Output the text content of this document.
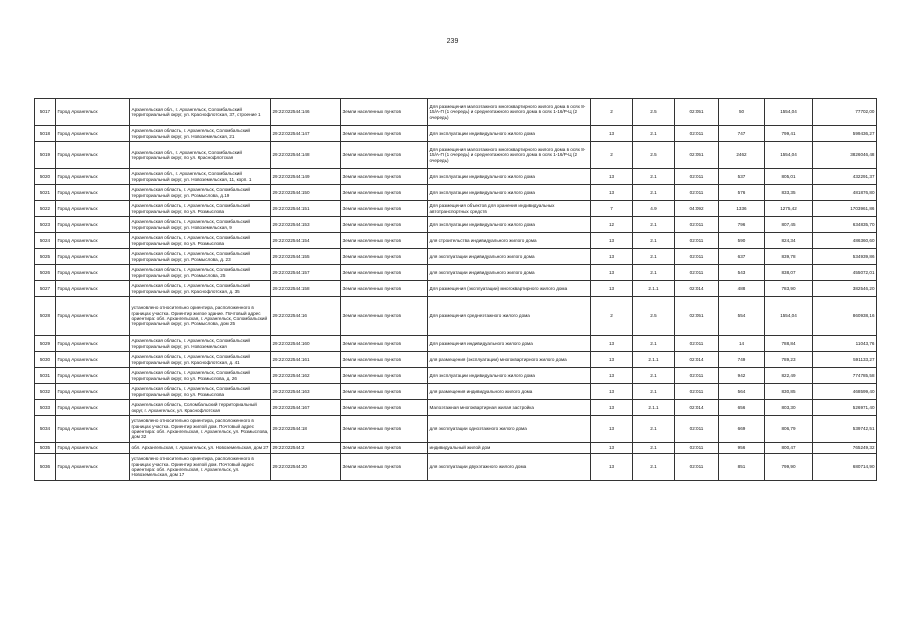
239
5017	Город Архангельск	Архангельская обл., г. Архангельск, Соломбальский территориальный округ, ул. Краснофлотская, 37, строение 1	29:22:022544:146	Земли населенных пунктов	Для размещения малоэтажного многоквартирного жилого дома в осях 8-15/А-П (1 очередь) и среднеэтажного жилого дома в осях 1-16/Р-Ц (2 очередь)	2	2.5	02:051	50	1554,04	77702,00
5018	Город Архангельск	Архангельская область, г. Архангельск, Соломбальский территориальный округ, ул. Новоземельская, 21	29:22:022544:147	Земли населенных пунктов	Для эксплуатации индивидуального жилого дома	13	2.1	02:011	747	799,41	599436,27
5019	Город Архангельск	Архангельская обл., г. Архангельск, Соломбальский территориальный округ, по ул. Краснофлотская	29:22:022544:148	Земли населенных пунктов	Для размещения малоэтажного многоквартирного жилого дома в осях 8-15/А-П (1 очередь) и среднеэтажного жилого дома в осях 1-16/Р-Ц (2 очередь)	2	2.5	02:051	2462	1554,04	3826046,48
5020	Город Архангельск	Архангельская обл., г. Архангельск, Соломбальский территориальный округ, ул. Новоземельская, 11, корп. 1	29:22:022544:149	Земли населенных пунктов	Для эксплуатации индивидуального жилого дома	13	2.1	02:011	537	805,01	432291,37
5021	Город Архангельск	Архангельская область, г. Архангельск, Соломбальский территориальный округ, ул. Розмыслова, д.19	29:22:022544:150	Земли населенных пунктов	Для эксплуатации индивидуального жилого дома	13	2.1	02:011	576	833,35	481876,80
5022	Город Архангельск	Архангельская область, г. Архангельск, Соломбальский территориальный округ, по ул. Розмыслова	29:22:022544:151	Земли населенных пунктов	Для размещения объектов для хранения индивидуальных автотранспортных средств	7	4.9	04:092	1336	1275,42	1703961,86
5023	Город Архангельск	Архангельская область, г. Архангельск, Соломбальский территориальный округ, ул. Новоземельская, 9	29:22:022544:153	Земли населенных пунктов	Для эксплуатации индивидуального жилого дома	12	2.1	02:011	796	807,45	634835,70
5024	Город Архангельск	Архангельская область, г. Архангельск, Соломбальский территориальный округ, по ул. Розмыслова	29:22:022544:154	Земли населенных пунктов	для строительства индивидуального жилого дома	13	2.1	02:011	590	824,34	486360,60
5025	Город Архангельск	Архангельская область, г. Архангельск, Соломбальский территориальный округ, ул. Розмыслова, д. 23	29:22:022544:155	Земли населенных пунктов	для эксплуатации индивидуального жилого дома	13	2.1	02:011	637	839,78	534939,86
5026	Город Архангельск	Архангельская область, г. Архангельск, Соломбальский территориальный округ, ул. Розмыслова, 25	29:22:022544:157	Земли населенных пунктов	для эксплуатации индивидуального жилого дома	13	2.1	02:011	543	838,07	455072,01
5027	Город Архангельск	Архангельская область, г. Архангельск, Соломбальский территориальный округ, ул. Краснофлотская, д. 35	29:22:022544:158	Земли населенных пунктов	Для размещения (эксплуатации) многоквартирного жилого дома	13	2.1.1	02:014	488	783,90	382546,20
5028	Город Архангельск	установлено относительно ориентира, расположенного в границах участка. Ориентир жилое здание. Почтовый адрес ориентира: обл. Архангельская, г. Архангельск, Соломбальский территориальный округ, ул. Розмыслова, дом 25	29:22:022544:16	Земли населенных пунктов	Для размещения среднеэтажного жилого дома	2	2.5	02:051	554	1554,04	860938,16
5029	Город Архангельск	Архангельская область, г. Архангельск, Соломбальский территориальный округ, ул. Новоземельская	29:22:022544:160	Земли населенных пунктов	Для размещения индивидуального жилого дома	13	2.1	02:011	14	788,84	11043,76
5030	Город Архангельск	Архангельская область, г. Архангельск, Соломбальский территориальный округ, ул. Краснофлотская, д. 41	29:22:022544:161	Земли населенных пунктов	для размещения (эксплуатации) многоквартирного жилого дома	13	2.1.1	02:014	749	789,23	591133,27
5031	Город Архангельск	Архангельская область, г. Архангельск, Соломбальский территориальный округ, по ул. Розмыслова, д. 26	29:22:022544:162	Земли населенных пунктов	Для эксплуатации индивидуального жилого дома	13	2.1	02:011	942	822,49	774785,58
5032	Город Архангельск	Архангельская область, г. Архангельск, Соломбальский территориальный округ, по ул. Розмыслова	29:22:022544:163	Земли населенных пунктов	для размещения индивидуального жилого дома	13	2.1	02:011	564	830,85	468599,40
5033	Город Архангельск	Архангельская область, Соломбальский территориальный округ, г. Архангельск, ул. Краснофлотская	29:22:022544:167	Земли населенных пунктов	Малоэтажная многоквартирная жилая застройка	13	2.1.1	02:014	656	803,30	526971,40
5034	Город Архангельск	установлено относительно ориентира, расположенного в границах участка. Ориентир жилой дом. Почтовый адрес ориентира: обл. Архангельская, г. Архангельск, ул. Розмыслова, дом 32	29:22:022544:18	Земли населенных пунктов	для эксплуатации одноэтажного жилого дома	13	2.1	02:011	669	806,79	539742,51
5035	Город Архангельск	обл. Архангельская, г. Архангельск, ул. Новоземельская, дом 27	29:22:022544:2	Земли населенных пунктов	индивидуальный жилой дом	13	2.1	02:011	956	800,47	765249,32
5036	Город Архангельск	установлено относительно ориентира, расположенного в границах участка. Ориентир жилой дом. Почтовый адрес ориентира: обл. Архангельская, г. Архангельск, ул. Новоземельская, дом 17	29:22:022544:20	Земли населенных пунктов	для эксплуатации двухэтажного жилого дома	13	2.1	02:011	851	799,90	680714,90
